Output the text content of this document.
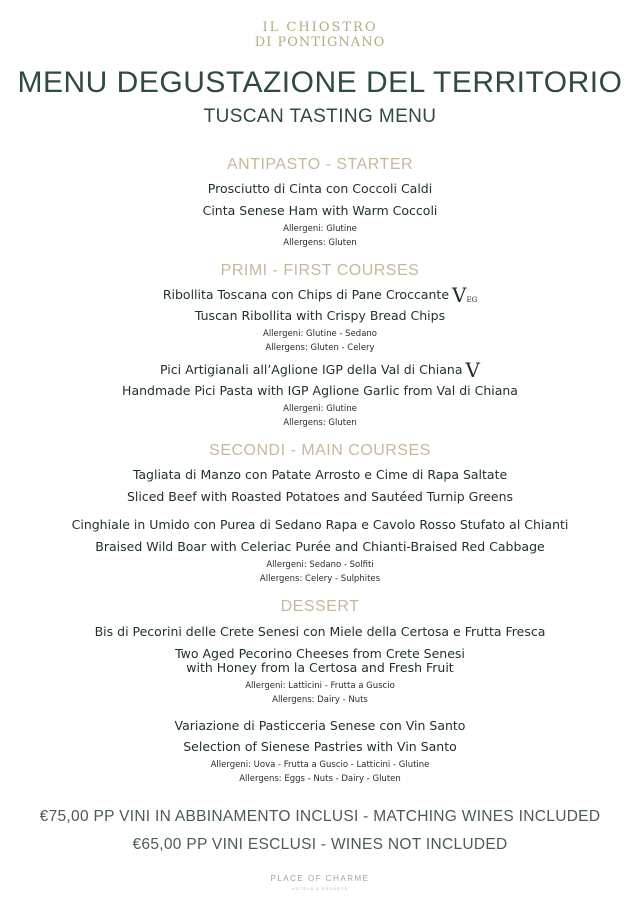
IL CHIOSTRO
DI PONTIGNANO
MENU DEGUSTAZIONE DEL TERRITORIO
TUSCAN TASTING MENU
ANTIPASTO - STARTER
Prosciutto di Cinta con Coccoli Caldi
Cinta Senese Ham with Warm Coccoli
Allergeni: Glutine
Allergens: Gluten
PRIMI - FIRST COURSES
Ribollita Toscana con Chips di Pane Croccante VEG
Tuscan Ribollita with Crispy Bread Chips
Allergeni: Glutine - Sedano
Allergens: Gluten - Celery
Pici Artigianali all’Aglione IGP della Val di Chiana V
Handmade Pici Pasta with IGP Aglione Garlic from Val di Chiana
Allergeni: Glutine
Allergens: Gluten
SECONDI - MAIN COURSES
Tagliata di Manzo con Patate Arrosto e Cime di Rapa Saltate
Sliced Beef with Roasted Potatoes and Sautéed Turnip Greens
Cinghiale in Umido con Purea di Sedano Rapa e Cavolo Rosso Stufato al Chianti
Braised Wild Boar with Celeriac Purée and Chianti-Braised Red Cabbage
Allergeni: Sedano - Solfiti
Allergens: Celery - Sulphites
DESSERT
Bis di Pecorini delle Crete Senesi con Miele della Certosa e Frutta Fresca
Two Aged Pecorino Cheeses from Crete Senesi
with Honey from la Certosa and Fresh Fruit
Allergeni: Latticini - Frutta a Guscio
Allergens: Dairy - Nuts
Variazione di Pasticceria Senese con Vin Santo
Selection of Sienese Pastries with Vin Santo
Allergeni: Uova - Frutta a Guscio - Latticini - Glutine
Allergens: Eggs - Nuts - Dairy - Gluten
€75,00 PP VINI IN ABBINAMENTO INCLUSI - MATCHING WINES INCLUDED
€65,00 PP VINI ESCLUSI - WINES NOT INCLUDED
PLACE OF CHARME
HOTELS & RESORTS
